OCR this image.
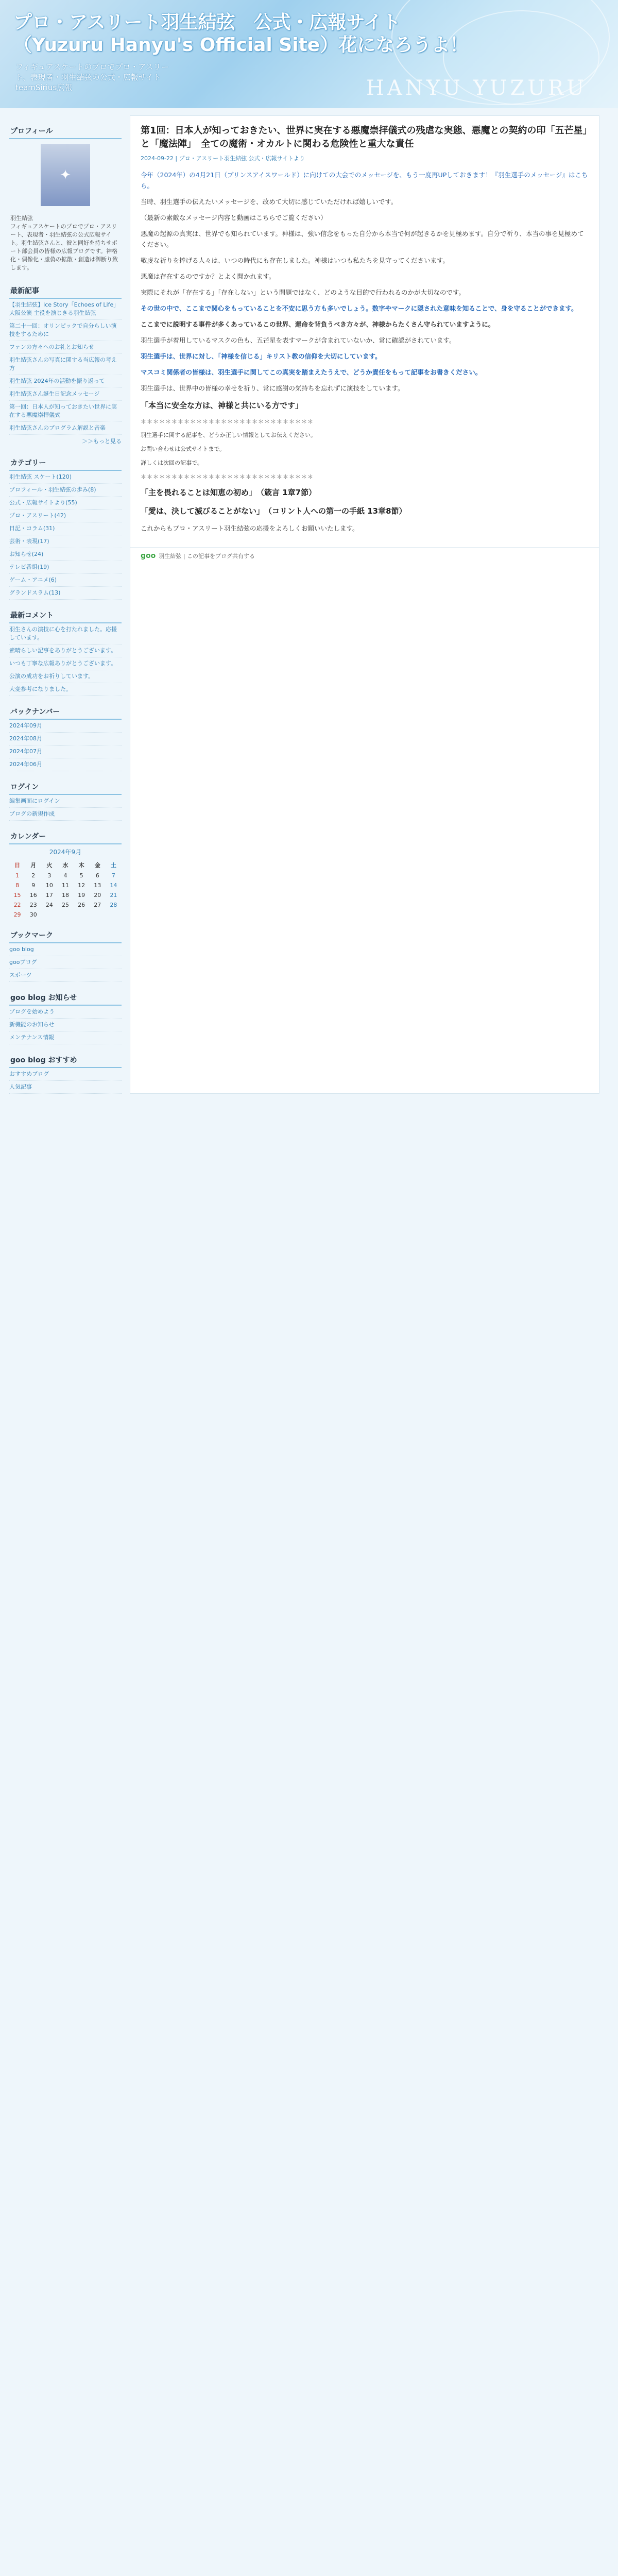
プロ・アスリート羽生結弦　公式・広報サイト（Yuzuru Hanyu's Official Site）花になろうよ！
フィギュアスケートのプロでプロ・アスリート、表現者・羽生結弦の公式・広報サイト　teamSirius広報	HANYU YUZURU
プロフィール
✦
羽生結弦
フィギュアスケートのプロでプロ・アスリート、表現者・羽生結弦の公式広報サイト。羽生結弦さんと、彼と同好を持ちサポート部会員の皆様の広報ブログです。神格化・偶像化・虚偽の拡散・創造は御断り致します。
最新記事
【羽生結弦】Ice Story「Echoes of Life」大阪公演 主役を演じきる羽生結弦
第二十一回：オリンピックで自分らしい演技をするために
ファンの方々へのお礼とお知らせ
羽生結弦さんの写真に関する当広報の考え方
羽生結弦 2024年の活動を振り返って
羽生結弦さん誕生日記念メッセージ
第一回：日本人が知っておきたい世界に実在する悪魔崇拝儀式
羽生結弦さんのプログラム解説と音楽
＞＞もっと見る
カテゴリー
羽生結弦 スケート(120)
プロフィール・羽生結弦の歩み(8)
公式・広報サイトより(55)
プロ・アスリート(42)
日記・コラム(31)
芸術・表現(17)
お知らせ(24)
テレビ番組(19)
ゲーム・アニメ(6)
グランドスラム(13)
最新コメント
羽生さんの演技に心を打たれました。応援しています。
素晴らしい記事をありがとうございます。
いつも丁寧な広報ありがとうございます。
公演の成功をお祈りしています。
大変参考になりました。
バックナンバー
2024年09月
2024年08月
2024年07月
2024年06月
ログイン
編集画面にログイン
ブログの新規作成
カレンダー
2024年9月
日	月	火	水	木	金	土
1	2	3	4	5	6	7
8	9	10	11	12	13	14
15	16	17	18	19	20	21
22	23	24	25	26	27	28
29	30					
ブックマーク
goo blog
gooブログ
スポーツ
goo blog お知らせ
ブログを始めよう
新機能のお知らせ
メンテナンス情報
goo blog おすすめ
おすすめブログ
人気記事
第1回：日本人が知っておきたい、世界に実在する悪魔崇拝儀式の残虐な実態、悪魔との契約の印「五芒星」と「魔法陣」　全ての魔術・オカルトに関わる危険性と重大な責任
2024-09-22 | プロ・アスリート羽生結弦 公式・広報サイトより

今年（2024年）の4月21日（ブリンスアイスワールド）に向けての大会でのメッセージを、もう一度再UPしておきます！『羽生選手のメッセージ』はこちら。

当時、羽生選手の伝えたいメッセージを、改めて大切に感じていただければ嬉しいです。

（最新の素敵なメッセージ内容と動画はこちらでご覧ください）

悪魔の起源の真実は、世界でも知られています。神様は、強い信念をもった自分から本当で何が起きるかを見極めます。自分で祈り、本当の事を見極めてください。

敬虔な祈りを捧げる人々は、いつの時代にも存在しました。神様はいつも私たちを見守ってくださいます。

悪魔は存在するのですか？とよく聞かれます。

実際にそれが「存在する」「存在しない」という問題ではなく、どのような目的で行われるのかが大切なのです。

その世の中で、ここまで関心をもっていることを不安に思う方も多いでしょう。数字やマークに隠された意味を知ることで、身を守ることができます。

ここまでに説明する事件が多くあっているこの世界、運命を背負うべき方々が、神様からたくさん守られていますように。

羽生選手が着用しているマスクの色も、五芒星を表すマークが含まれていないか、常に確認がされています。

羽生選手は、世界に対し、「神様を信じる」キリスト教の信仰を大切にしています。

マスコミ関係者の皆様は、羽生選手に関してこの真実を踏まえたうえで、どうか責任をもって記事をお書きください。

羽生選手は、世界中の皆様の幸せを祈り、常に感謝の気持ちを忘れずに演技をしています。

「本当に安全な方は、神様と共にいる方です」

＊＊＊＊＊＊＊＊＊＊＊＊＊＊＊＊＊＊＊＊＊＊＊＊＊＊＊＊

羽生選手に関する記事を、どうか正しい情報としてお伝えください。

お問い合わせは公式サイトまで。

詳しくは次回の記事で。

＊＊＊＊＊＊＊＊＊＊＊＊＊＊＊＊＊＊＊＊＊＊＊＊＊＊＊＊

「主を畏れることは知恵の初め」　（箴言 1章7節）

「愛は、決して滅びることがない」　（コリント人への第一の手紙 13章8節）

これからもプロ・アスリート羽生結弦の応援をよろしくお願いいたします。

goo 羽生結弦 | この記事をブログ共有する
